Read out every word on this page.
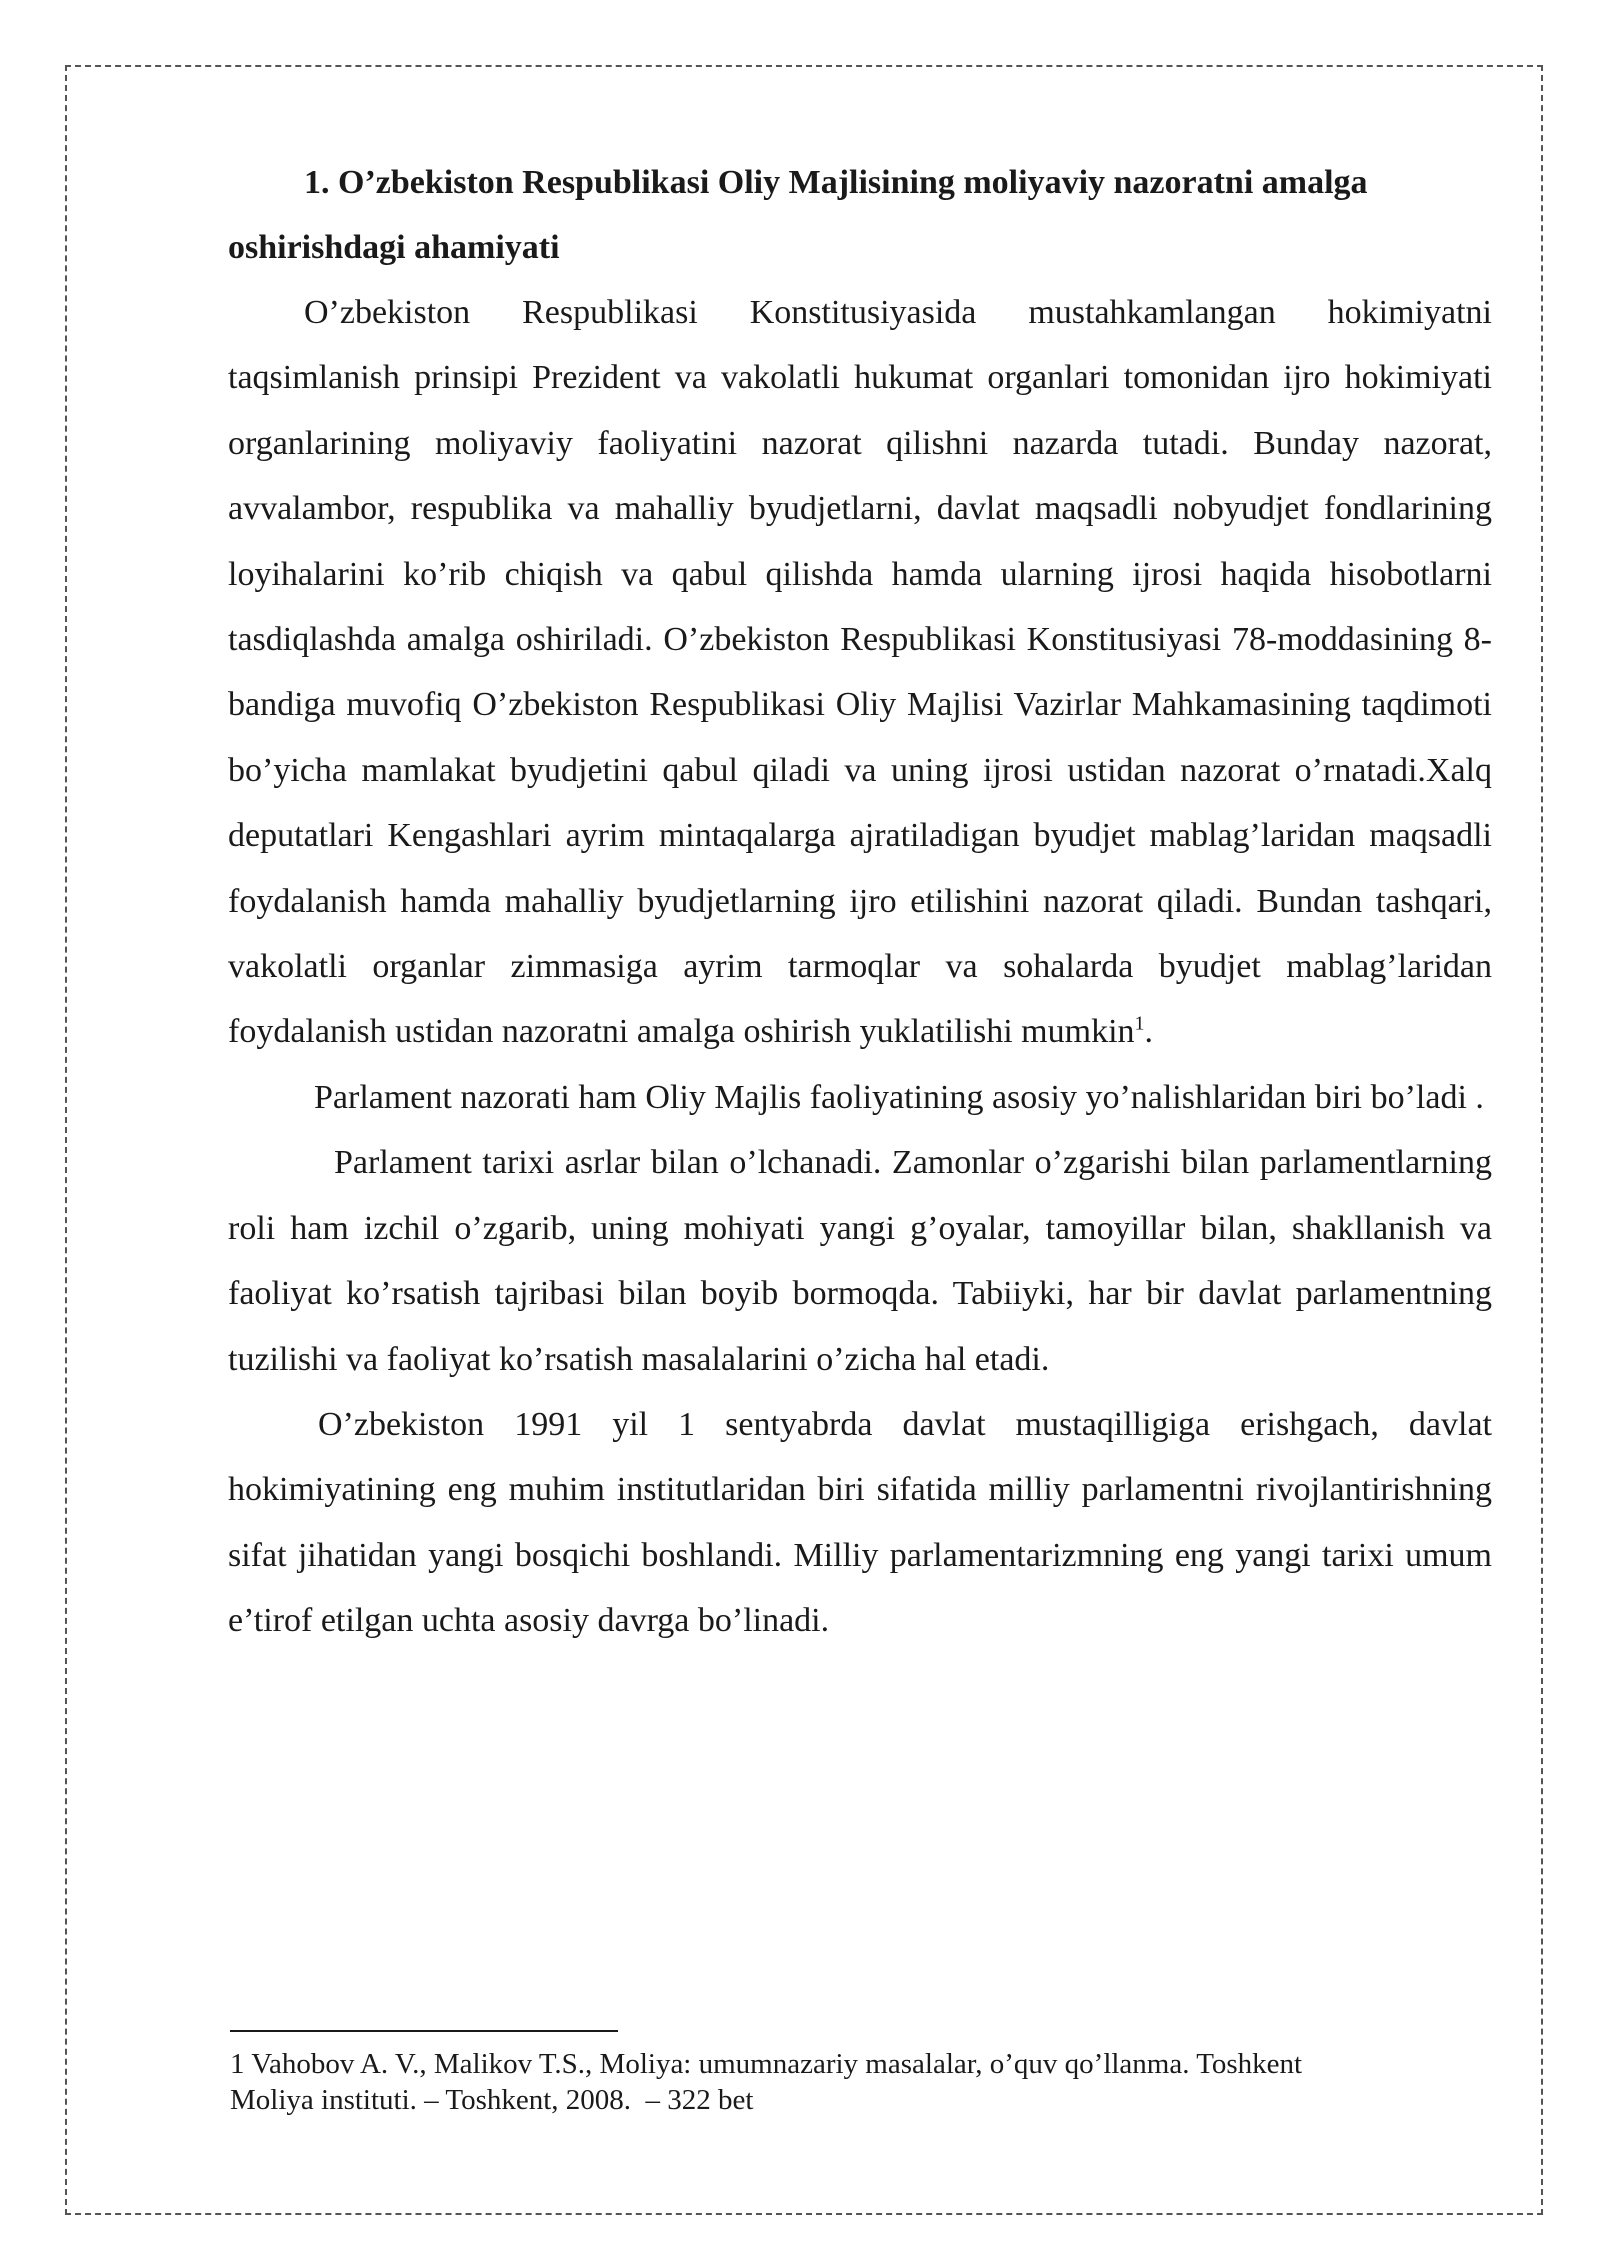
1. O’zbekiston Respublikasi Oliy Majlisining moliyaviy nazoratni amalga oshirishdagi ahamiyati

O’zbekiston Respublikasi Konstitusiyasida mustahkamlangan hokimiyatni taqsimlanish prinsipi Prezident va vakolatli hukumat organlari tomonidan ijro hokimiyati organlarining moliyaviy faoliyatini nazorat qilishni nazarda tutadi. Bunday nazorat, avvalambor, respublika va mahalliy byudjetlarni, davlat maqsadli nobyudjet fondlarining loyihalarini ko’rib chiqish va qabul qilishda hamda ularning ijrosi haqida hisobotlarni tasdiqlashda amalga oshiriladi. O’zbekiston Respublikasi Konstitusiyasi 78-moddasining 8-bandiga muvofiq O’zbekiston Respublikasi Oliy Majlisi Vazirlar Mahkamasining taqdimoti bo’yicha mamlakat byudjetini qabul qiladi va uning ijrosi ustidan nazorat o’rnatadi.Xalq deputatlari Kengashlari ayrim mintaqalarga ajratiladigan byudjet mablag’laridan maqsadli foydalanish hamda mahalliy byudjetlarning ijro etilishini nazorat qiladi. Bundan tashqari, vakolatli organlar zimmasiga ayrim tarmoqlar va sohalarda byudjet mablag’laridan foydalanish ustidan nazoratni amalga oshirish yuklatilishi mumkin$^1$.

Parlament nazorati ham Oliy Majlis faoliyatining asosiy yo’nalishlaridan biri bo’ladi .

Parlament tarixi asrlar bilan o’lchanadi. Zamonlar o’zgarishi bilan parlamentlarning roli ham izchil o’zgarib, uning mohiyati yangi g’oyalar, tamoyillar bilan, shakllanish va faoliyat ko’rsatish tajribasi bilan boyib bormoqda. Tabiiyki, har bir davlat parlamentning tuzilishi va faoliyat ko’rsatish masalalarini o’zicha hal etadi.

O’zbekiston 1991 yil 1 sentyabrda davlat mustaqilligiga erishgach, davlat hokimiyatining eng muhim institutlaridan biri sifatida milliy parlamentni rivojlantirishning sifat jihatidan yangi bosqichi boshlandi. Milliy parlamentarizmning eng yangi tarixi umum e’tirof etilgan uchta asosiy davrga bo’linadi.

1 Vahobov A. V., Malikov T.S., Moliya: umumnazariy masalalar, o’quv qo’llanma. Toshkent
Moliya instituti. – Toshkent, 2008.  – 322 bet
